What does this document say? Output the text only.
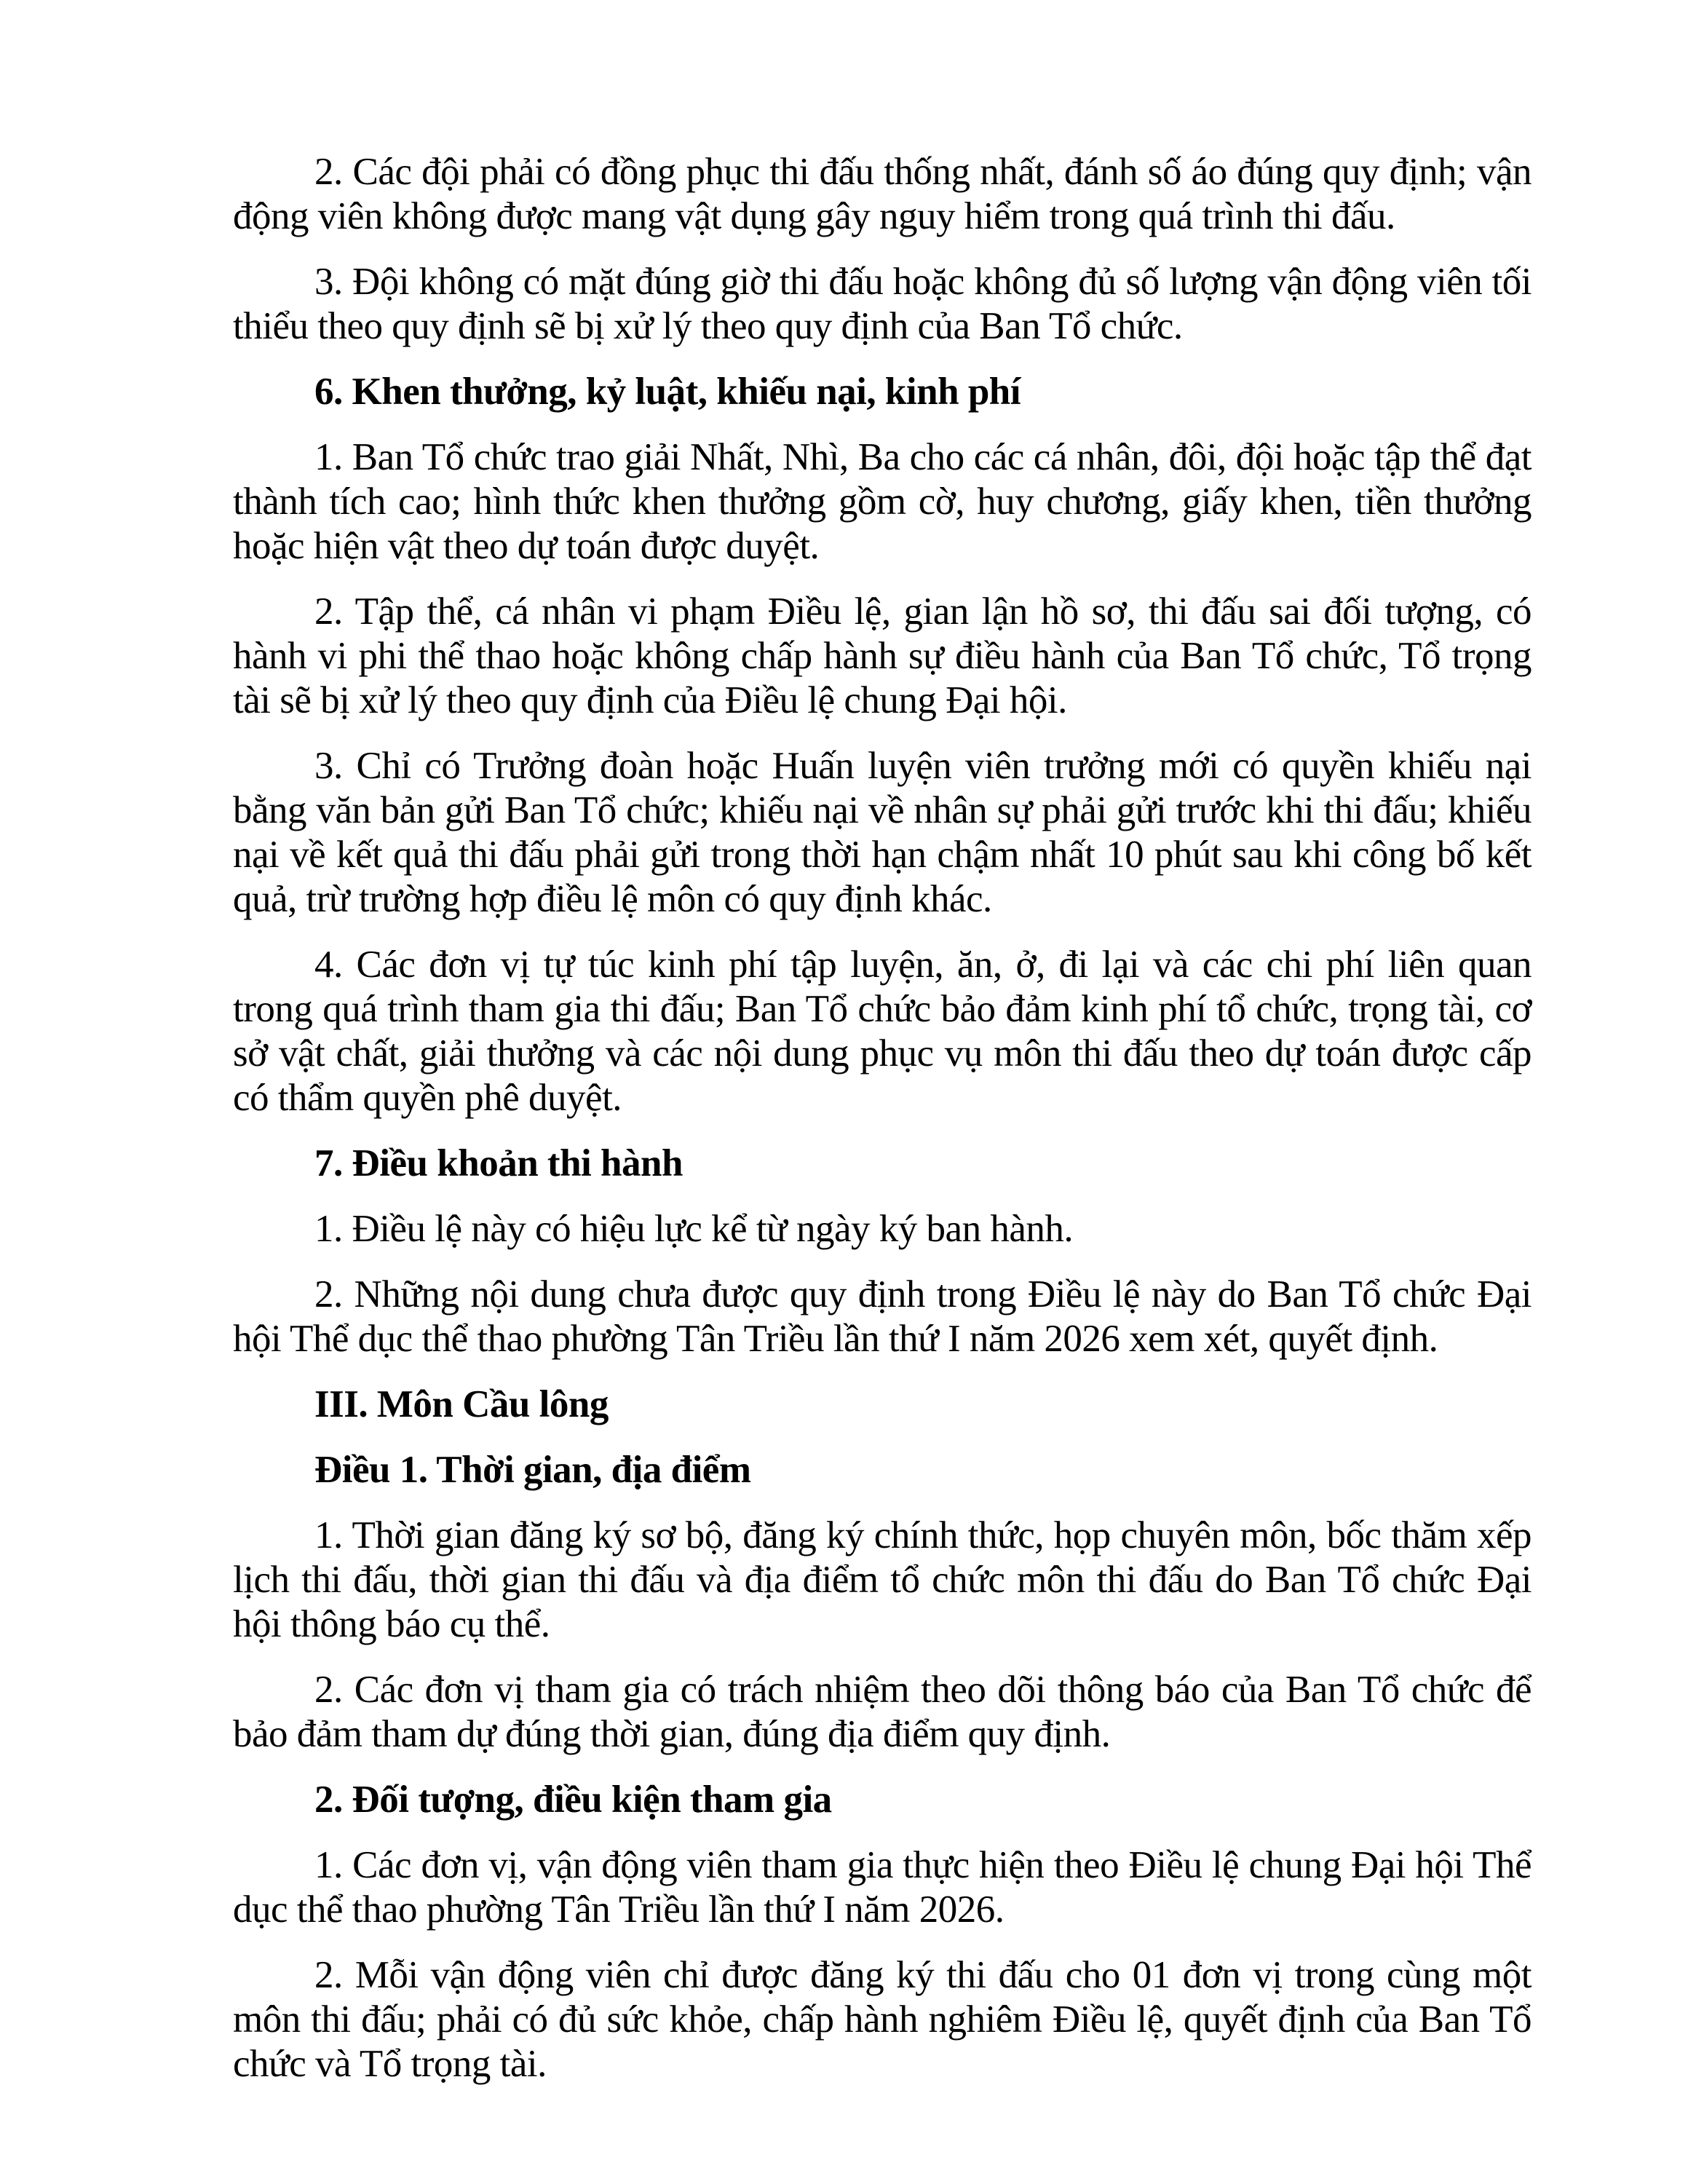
2. Các đội phải có đồng phục thi đấu thống nhất, đánh số áo đúng quy định; vận động viên không được mang vật dụng gây nguy hiểm trong quá trình thi đấu.

3. Đội không có mặt đúng giờ thi đấu hoặc không đủ số lượng vận động viên tối thiểu theo quy định sẽ bị xử lý theo quy định của Ban Tổ chức.

6. Khen thưởng, kỷ luật, khiếu nại, kinh phí

1. Ban Tổ chức trao giải Nhất, Nhì, Ba cho các cá nhân, đôi, đội hoặc tập thể đạt thành tích cao; hình thức khen thưởng gồm cờ, huy chương, giấy khen, tiền thưởng hoặc hiện vật theo dự toán được duyệt.

2. Tập thể, cá nhân vi phạm Điều lệ, gian lận hồ sơ, thi đấu sai đối tượng, có hành vi phi thể thao hoặc không chấp hành sự điều hành của Ban Tổ chức, Tổ trọng tài sẽ bị xử lý theo quy định của Điều lệ chung Đại hội.

3. Chỉ có Trưởng đoàn hoặc Huấn luyện viên trưởng mới có quyền khiếu nại bằng văn bản gửi Ban Tổ chức; khiếu nại về nhân sự phải gửi trước khi thi đấu; khiếu nại về kết quả thi đấu phải gửi trong thời hạn chậm nhất 10 phút sau khi công bố kết quả, trừ trường hợp điều lệ môn có quy định khác.

4. Các đơn vị tự túc kinh phí tập luyện, ăn, ở, đi lại và các chi phí liên quan trong quá trình tham gia thi đấu; Ban Tổ chức bảo đảm kinh phí tổ chức, trọng tài, cơ sở vật chất, giải thưởng và các nội dung phục vụ môn thi đấu theo dự toán được cấp có thẩm quyền phê duyệt.

7. Điều khoản thi hành

1. Điều lệ này có hiệu lực kể từ ngày ký ban hành.

2. Những nội dung chưa được quy định trong Điều lệ này do Ban Tổ chức Đại hội Thể dục thể thao phường Tân Triều lần thứ I năm 2026 xem xét, quyết định.

III. Môn Cầu lông

Điều 1. Thời gian, địa điểm

1. Thời gian đăng ký sơ bộ, đăng ký chính thức, họp chuyên môn, bốc thăm xếp lịch thi đấu, thời gian thi đấu và địa điểm tổ chức môn thi đấu do Ban Tổ chức Đại hội thông báo cụ thể.

2. Các đơn vị tham gia có trách nhiệm theo dõi thông báo của Ban Tổ chức để bảo đảm tham dự đúng thời gian, đúng địa điểm quy định.

2. Đối tượng, điều kiện tham gia

1. Các đơn vị, vận động viên tham gia thực hiện theo Điều lệ chung Đại hội Thể dục thể thao phường Tân Triều lần thứ I năm 2026.

2. Mỗi vận động viên chỉ được đăng ký thi đấu cho 01 đơn vị trong cùng một môn thi đấu; phải có đủ sức khỏe, chấp hành nghiêm Điều lệ, quyết định của Ban Tổ chức và Tổ trọng tài.
